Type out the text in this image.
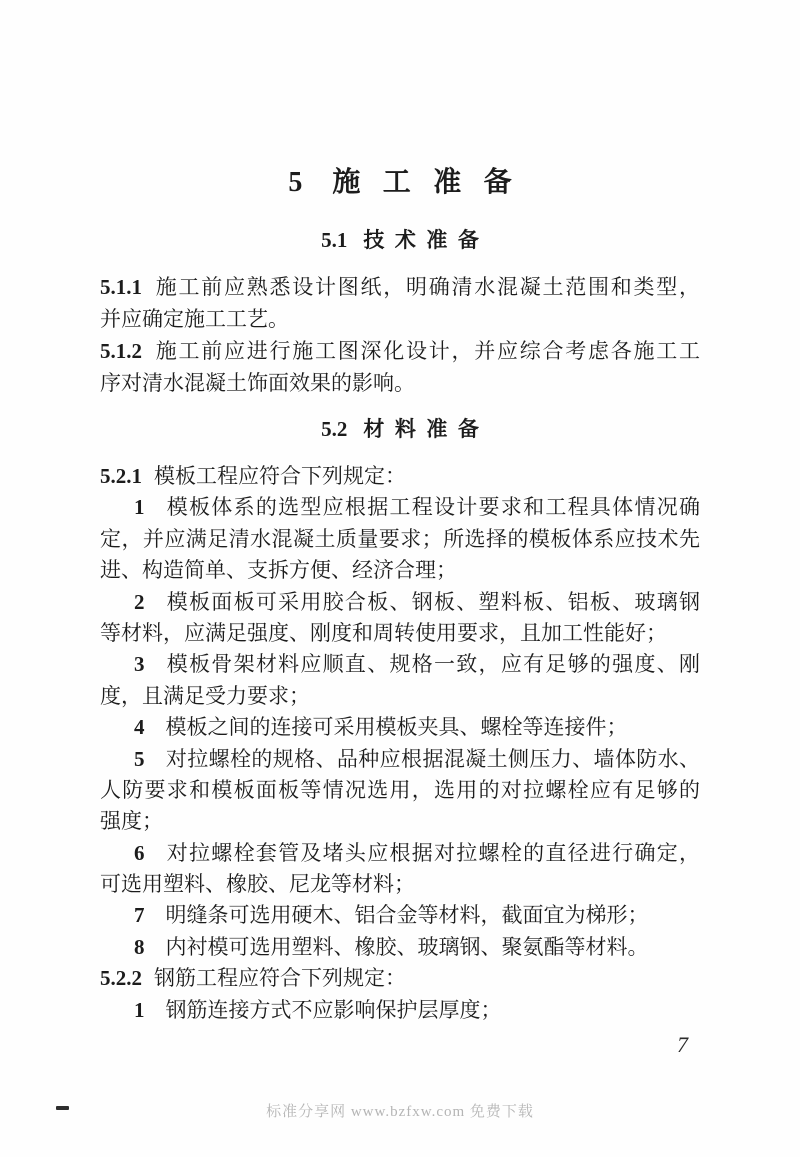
5 施工准备
5.1 技术准备
5.1.1 施工前应熟悉设计图纸，明确清水混凝土范围和类型，
并应确定施工工艺。
5.1.2 施工前应进行施工图深化设计，并应综合考虑各施工工
序对清水混凝土饰面效果的影响。
5.2 材料准备
5.2.1 模板工程应符合下列规定：
1 模板体系的选型应根据工程设计要求和工程具体情况确
定，并应满足清水混凝土质量要求；所选择的模板体系应技术先
进、构造简单、支拆方便、经济合理；
2 模板面板可采用胶合板、钢板、塑料板、铝板、玻璃钢
等材料，应满足强度、刚度和周转使用要求，且加工性能好；
3 模板骨架材料应顺直、规格一致，应有足够的强度、刚
度，且满足受力要求；
4 模板之间的连接可采用模板夹具、螺栓等连接件；
5 对拉螺栓的规格、品种应根据混凝土侧压力、墙体防水、
人防要求和模板面板等情况选用，选用的对拉螺栓应有足够的
强度；
6 对拉螺栓套管及堵头应根据对拉螺栓的直径进行确定，
可选用塑料、橡胶、尼龙等材料；
7 明缝条可选用硬木、铝合金等材料，截面宜为梯形；
8 内衬模可选用塑料、橡胶、玻璃钢、聚氨酯等材料。
5.2.2 钢筋工程应符合下列规定：
1 钢筋连接方式不应影响保护层厚度；
7
标准分享网 www.bzfxw.com 免费下载
